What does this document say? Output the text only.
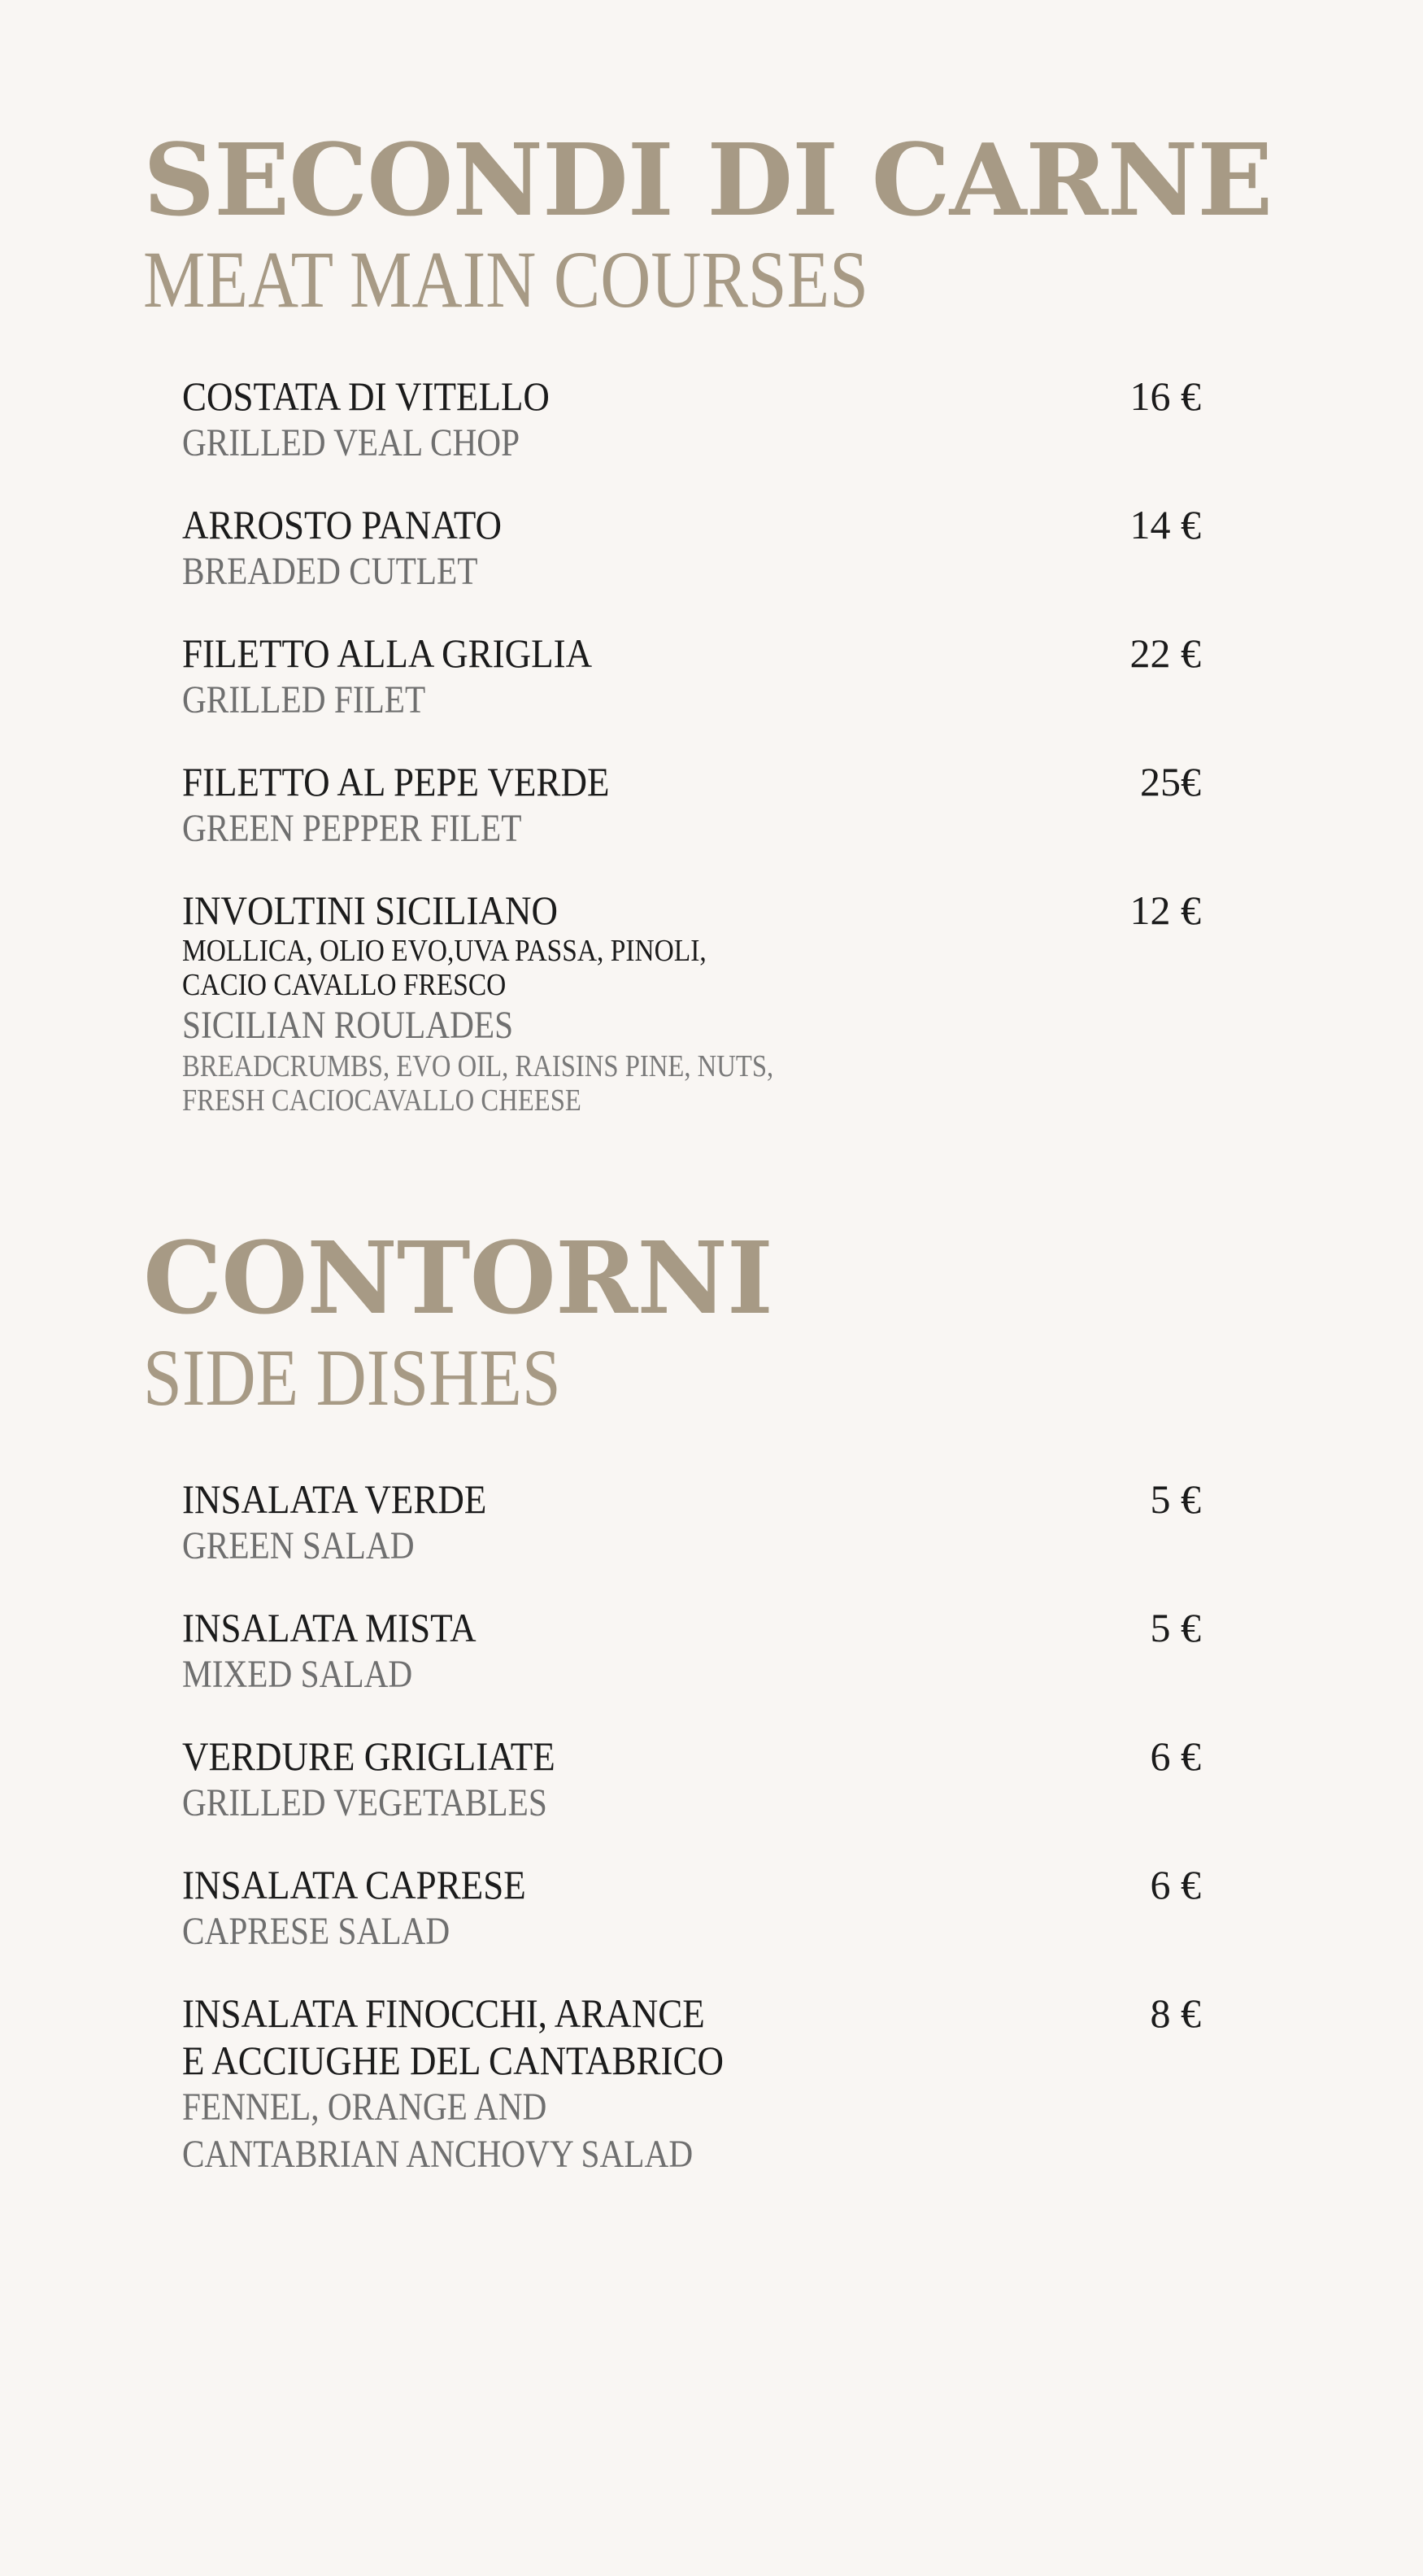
SECONDI DI CARNE
MEAT MAIN COURSES
COSTATA DI VITELLO
GRILLED VEAL CHOP
16 €
ARROSTO PANATO
BREADED CUTLET
14 €
FILETTO ALLA GRIGLIA
GRILLED FILET
22 €
FILETTO AL PEPE VERDE
GREEN PEPPER FILET
25€
INVOLTINI SICILIANO
MOLLICA, OLIO EVO,UVA PASSA, PINOLI,
CACIO CAVALLO FRESCO
SICILIAN ROULADES
BREADCRUMBS, EVO OIL, RAISINS PINE, NUTS,
FRESH CACIOCAVALLO CHEESE
12 €
CONTORNI
SIDE DISHES
INSALATA VERDE
GREEN SALAD
5 €
INSALATA MISTA
MIXED SALAD
5 €
VERDURE GRIGLIATE
GRILLED VEGETABLES
6 €
INSALATA CAPRESE
CAPRESE SALAD
6 €
INSALATA FINOCCHI, ARANCE
E ACCIUGHE DEL CANTABRICO
FENNEL, ORANGE AND
CANTABRIAN ANCHOVY SALAD
8 €
